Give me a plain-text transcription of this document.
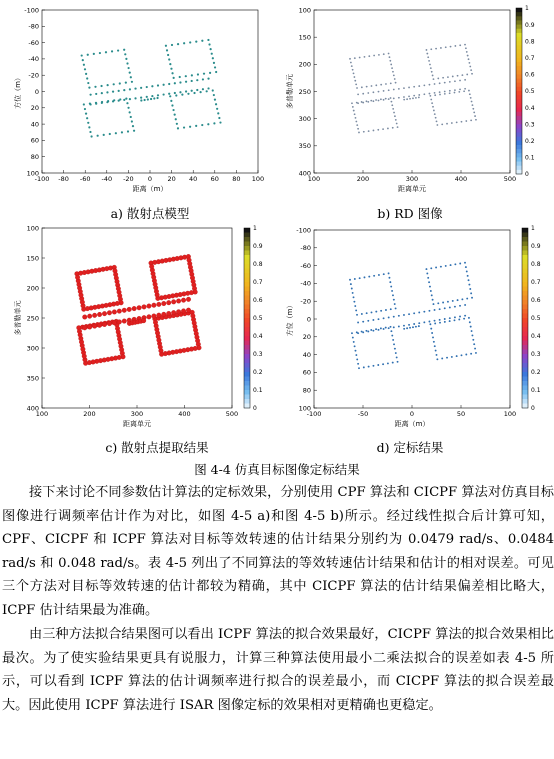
-100 -80 -60 -40 -20 0 20 40 60 80 100
-100
-80
-60
-40
-20
0
20
40
60
80
100
距离（m）
方位（m）
a) 散射点模型
100	200	300	400	500
100
150
200
250
300
350
400
距离单元
多普勒单元
1
0.9
0.8
0.7
0.6
0.5
0.4
0.3
0.2
0.1
0
b) RD 图像
100	200	300	400	500
100
150
200
250
300
350
400
距离单元
多普勒单元
1
0.9
0.8
0.7
0.6
0.5
0.4
0.3
0.2
0.1
0
c) 散射点提取结果
-100	-50	0	50	100
-100
-80
-60
-40
-20
0
20
40
60
80
100
距离（m）
方位（m）
1
0.9
0.8
0.7
0.6
0.5
0.4
0.3
0.2
0.1
0
d) 定标结果
图 4-4 仿真目标图像定标结果

接下来讨论不同参数估计算法的定标效果，分别使用 CPF 算法和 CICPF 算法对仿真目标图像进行调频率估计作为对比，如图 4-5 a)和图 4-5 b)所示。经过线性拟合后计算可知，CPF、CICPF 和 ICPF 算法对目标等效转速的估计结果分别约为 0.0479 rad/s、0.0484 rad/s 和 0.048 rad/s。表 4-5 列出了不同算法的等效转速估计结果和估计的相对误差。可见三个方法对目标等效转速的估计都较为精确，其中 CICPF 算法的估计结果偏差相比略大，ICPF 估计结果最为准确。

由三种方法拟合结果图可以看出 ICPF 算法的拟合效果最好，CICPF 算法的拟合效果相比最次。为了使实验结果更具有说服力，计算三种算法使用最小二乘法拟合的误差如表 4-5 所示，可以看到 ICPF 算法的估计调频率进行拟合的误差最小，而 CICPF 算法的拟合误差最大。因此使用 ICPF 算法进行 ISAR 图像定标的效果相对更精确也更稳定。
